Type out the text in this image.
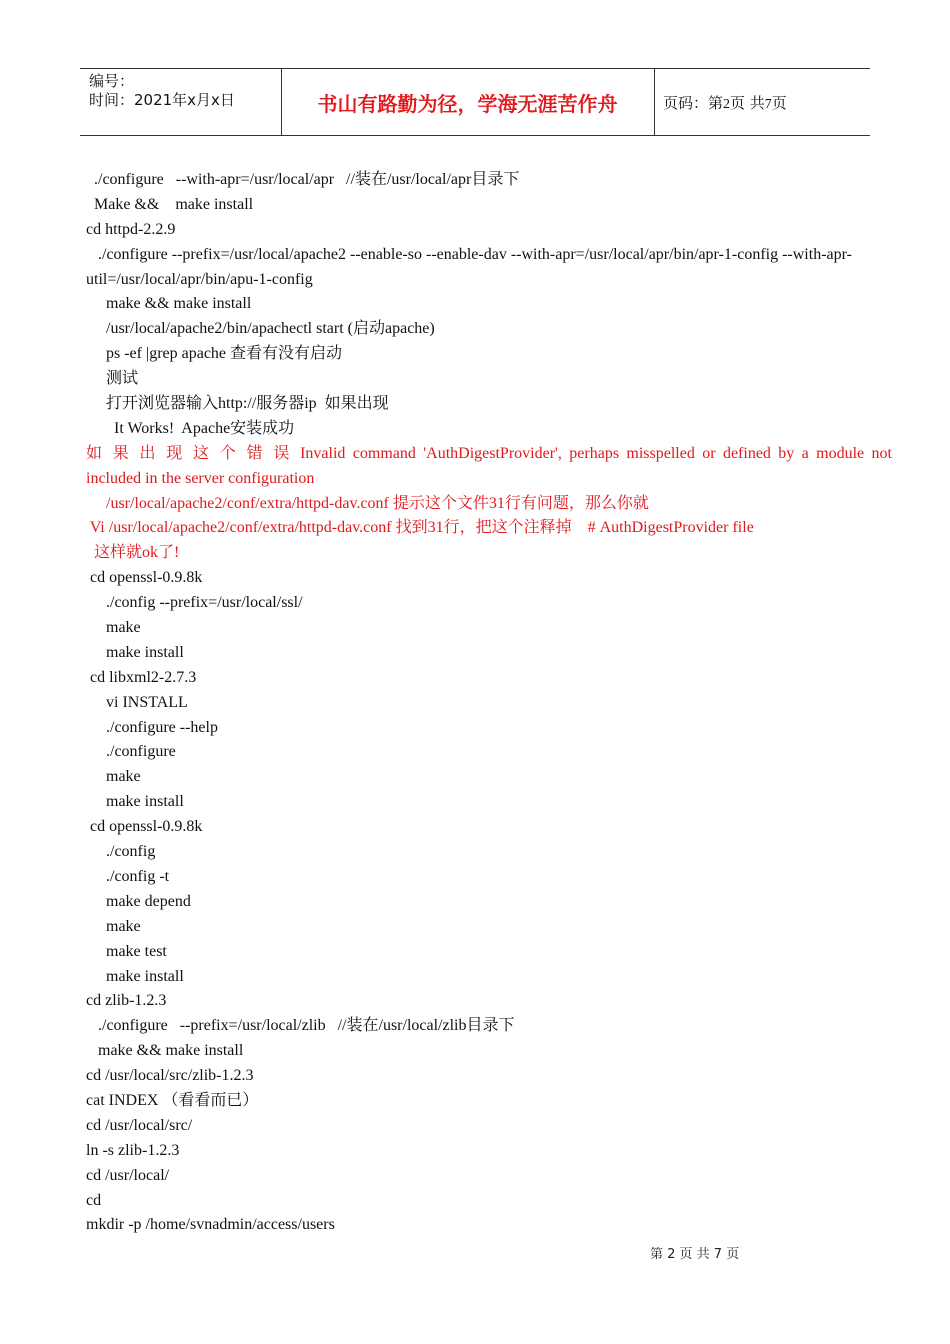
编号：
时间：2021年x月x日	书山有路勤为径，学海无涯苦作舟	页码：第2页 共7页
./configure   --with-apr=/usr/local/apr   //装在/usr/local/apr目录下
Make &&    make install
cd httpd-2.2.9
./configure --prefix=/usr/local/apache2 --enable-so --enable-dav --with-apr=/usr/local/apr/bin/apr-1-config --with-apr-
util=/usr/local/apr/bin/apu-1-config
make && make install
/usr/local/apache2/bin/apachectl start (启动apache)
ps -ef |grep apache 查看有没有启动
测试
打开浏览器输入http://服务器ip  如果出现
It Works!  Apache安装成功
如 果 出 现 这 个 错 误 Invalid command 'AuthDigestProvider', perhaps misspelled or defined by a module not
included in the server configuration
/usr/local/apache2/conf/extra/httpd-dav.conf 提示这个文件31行有问题，那么你就
Vi /usr/local/apache2/conf/extra/httpd-dav.conf 找到31行，把这个注释掉    # AuthDigestProvider file
这样就ok了!
cd openssl-0.9.8k
./config --prefix=/usr/local/ssl/
make
make install
cd libxml2-2.7.3
vi INSTALL
./configure --help
./configure
make
make install
cd openssl-0.9.8k
./config
./config -t
make depend
make
make test
make install
cd zlib-1.2.3
./configure   --prefix=/usr/local/zlib   //装在/usr/local/zlib目录下
make && make install
cd /usr/local/src/zlib-1.2.3
cat INDEX （看看而已）
cd /usr/local/src/
ln -s zlib-1.2.3
cd /usr/local/
cd
mkdir -p /home/svnadmin/access/users
第 2 页 共 7 页
